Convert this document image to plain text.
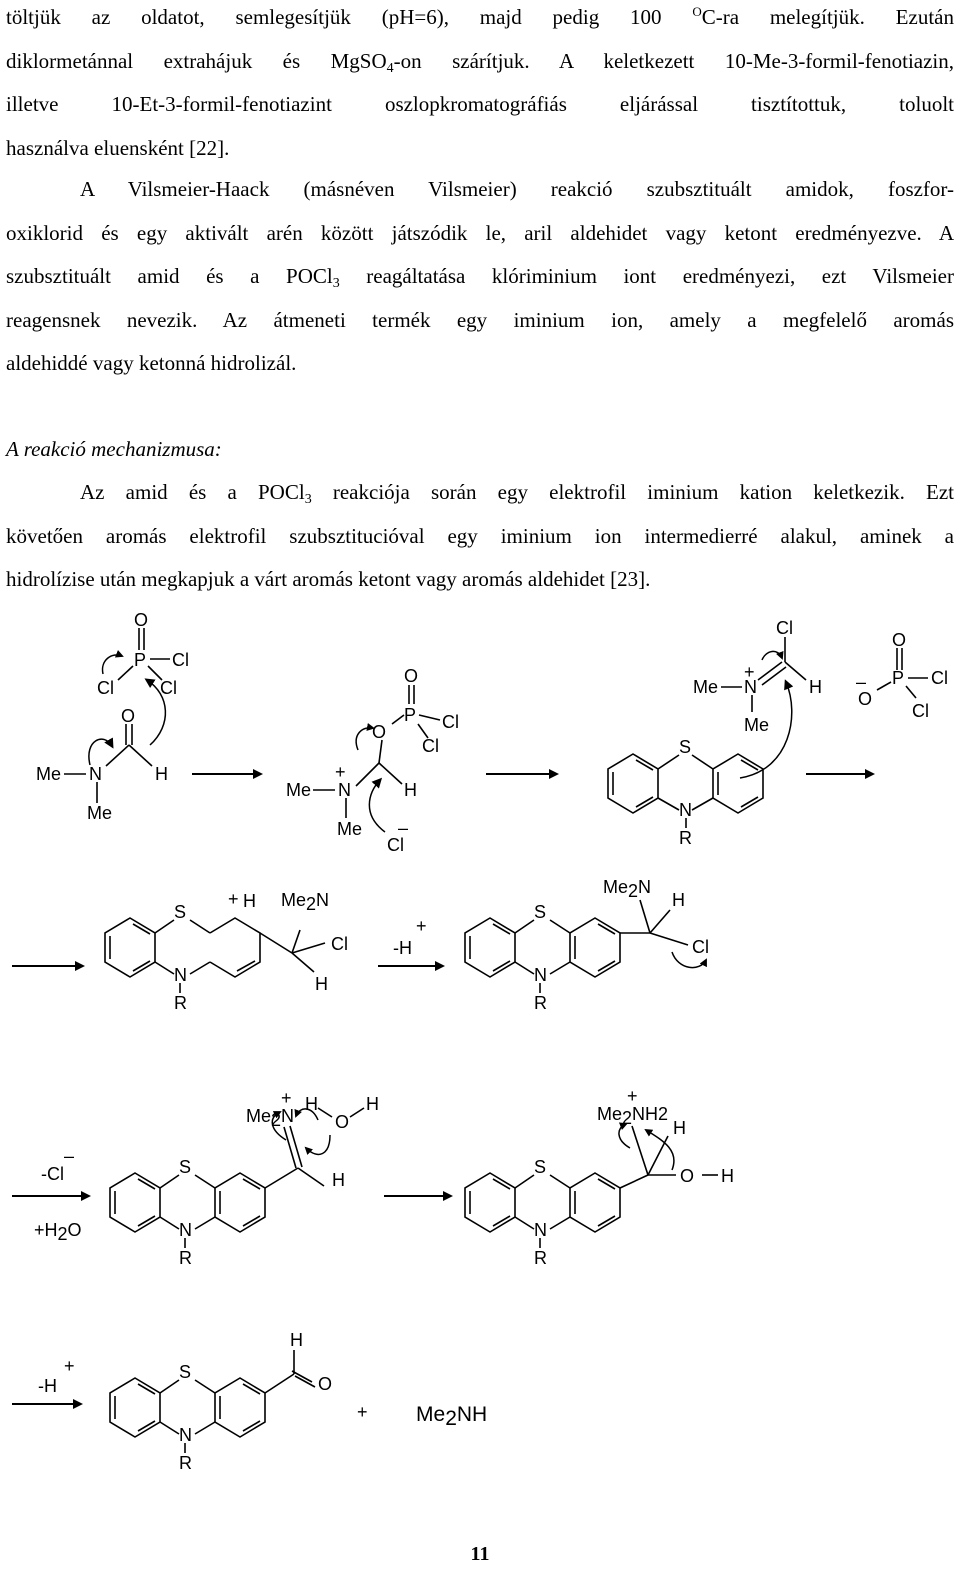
töltjük az oldatot, semlegesítjük (pH=6), majd pedig 100 $^O$C-ra melegítjük. Ezután
diklormetánnal extrahájuk és MgSO$_4$-on szárítjuk. A keletkezett 10-Me-3-formil-fenotiazin,
illetve 10-Et-3-formil-fenotiazint oszlopkromatográfiás eljárással tisztítottuk, toluolt
használva eluensként [22].
A Vilsmeier-Haack (másnéven Vilsmeier) reakció szubsztituált amidok, foszfor-
oxiklorid és egy aktivált arén között játszódik le, aril aldehidet vagy ketont eredményezve. A
szubsztituált amid és a POCl$_3$ reagáltatása klóriminium iont eredményezi, ezt Vilsmeier
reagensnek nevezik. Az átmeneti termék egy iminium ion, amely a megfelelő aromás
aldehiddé vagy ketonná hidrolizál.
A reakció mechanizmusa:
Az amid és a POCl$_3$ reakciója során egy elektrofil iminium kation keletkezik. Ezt
követően aromás elektrofil szubsztitucióval egy iminium ion intermedierré alakul, aminek a
hidrolízise után megkapjuk a várt aromás ketont vagy aromás aldehidet [23].
O
P Cl
Cl	Cl
O
H
N
Me
Me
O
P Cl
Cl
O
+
N
Me
Me
H
–
Cl
S
N
R
Cl
+
N
Me
Me
H
O
P Cl
Cl
–
O
S
N
R
+ H Me2N
Cl
H
+
-H
S
N
R
Me2N
H
Cl
–
-Cl
+H2O
S
N
R
+
Me2N
H
O
H
H
S
N
R
+
Me2NH2
H
O H
+
-H
S
N
R
H
O
+ Me2NH
11
